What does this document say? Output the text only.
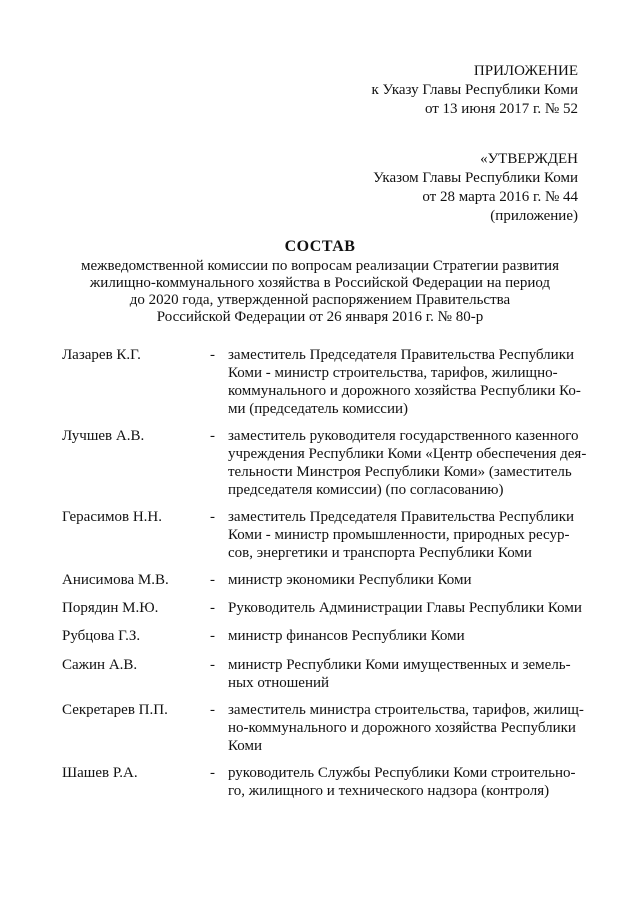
ПРИЛОЖЕНИЕ
к Указу Главы Республики Коми
от 13 июня 2017 г. № 52
«УТВЕРЖДЕН
Указом Главы Республики Коми
от 28 марта 2016 г. № 44
(приложение)
СОСТАВ
межведомственной комиссии по вопросам реализации Стратегии развития
жилищно-коммунального хозяйства в Российской Федерации на период
до 2020 года, утвержденной распоряжением Правительства
Российской Федерации от 26 января 2016 г. № 80-р
Лазарев К.Г.	- заместитель Председателя Правительства Республики
Коми - министр строительства, тарифов, жилищно-
коммунального и дорожного хозяйства Республики Ко-
ми (председатель комиссии)
Лучшев А.В.	- заместитель руководителя государственного казенного
учреждения Республики Коми «Центр обеспечения дея-
тельности Минстроя Республики Коми» (заместитель
председателя комиссии) (по согласованию)
Герасимов Н.Н.	- заместитель Председателя Правительства Республики
Коми - министр промышленности, природных ресур-
сов, энергетики и транспорта Республики Коми
Анисимова М.В.	- министр экономики Республики Коми
Порядин М.Ю.	- Руководитель Администрации Главы Республики Коми
Рубцова Г.З.	- министр финансов Республики Коми
Сажин А.В.	- министр Республики Коми имущественных и земель-
ных отношений
Секретарев П.П.	- заместитель министра строительства, тарифов, жилищ-
но-коммунального и дорожного хозяйства Республики
Коми
Шашев Р.А.	- руководитель Службы Республики Коми строительно-
го, жилищного и технического надзора (контроля)
